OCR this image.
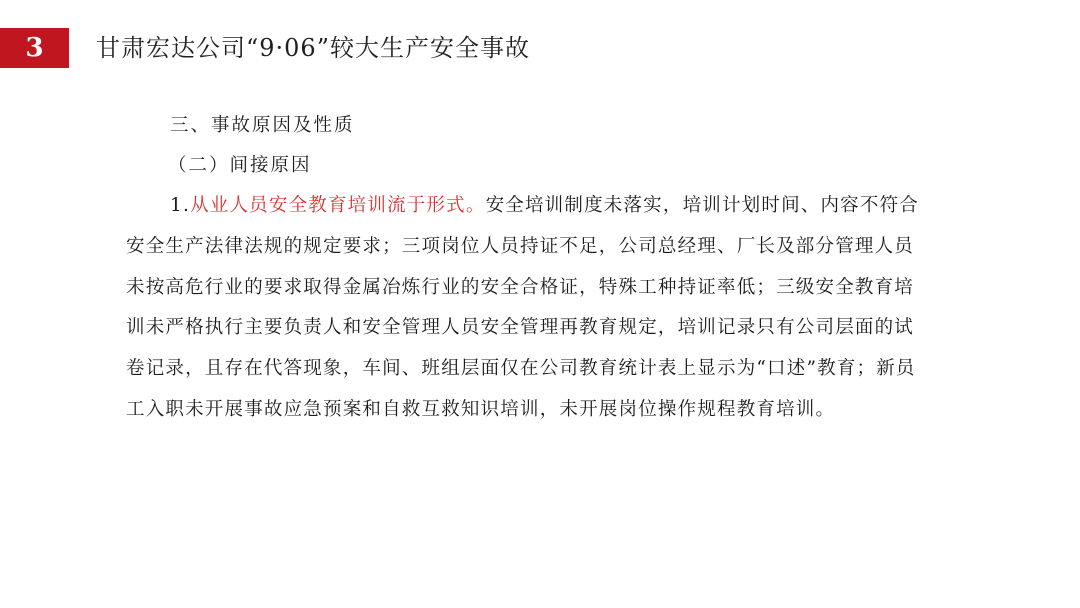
3	甘肃宏达公司“9·06”较大生产安全事故
三、事故原因及性质
（二）间接原因
1.从业人员安全教育培训流于形式。安全培训制度未落实，培训计划时间、内容不符合安全生产法律法规的规定要求；三项岗位人员持证不足，公司总经理、厂长及部分管理人员未按高危行业的要求取得金属冶炼行业的安全合格证，特殊工种持证率低；三级安全教育培训未严格执行主要负责人和安全管理人员安全管理再教育规定，培训记录只有公司层面的试卷记录，且存在代答现象，车间、班组层面仅在公司教育统计表上显示为“口述”教育；新员工入职未开展事故应急预案和自救互救知识培训，未开展岗位操作规程教育培训。
